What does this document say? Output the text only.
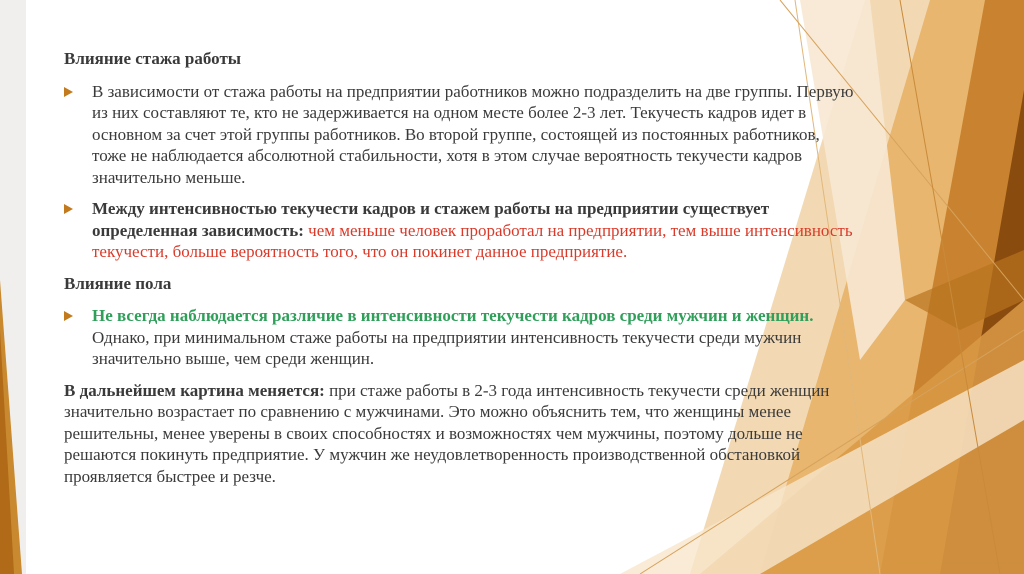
Влияние стажа работы

В зависимости от стажа работы на предприятии работников можно подразделить на две группы. Первую из них составляют те, кто не задерживается на одном месте более 2-3 лет. Текучесть кадров идет в основном за счет этой группы работников. Во второй группе, состоящей из постоянных работников, тоже не наблюдается абсолютной стабильности, хотя в этом случае вероятность текучести кадров значительно меньше.
Между интенсивностью текучести кадров и стажем работы на предприятии существует определенная зависимость: чем меньше человек проработал на предприятии, тем выше интенсивность текучести, больше вероятность того, что он покинет данное предприятие.

Влияние пола

Не всегда наблюдается различие в интенсивности текучести кадров среди мужчин и женщин. Однако, при минимальном стаже работы на предприятии интенсивность текучести среди мужчин значительно выше, чем среди женщин.

В дальнейшем картина меняется: при стаже работы в 2-3 года интенсивность текучести среди женщин значительно возрастает по сравнению с мужчинами. Это можно объяснить тем, что женщины менее решительны, менее уверены в своих способностях и возможностях чем мужчины, поэтому дольше не решаются покинуть предприятие. У мужчин же неудовлетворенность производственной обстановкой проявляется быстрее и резче.
